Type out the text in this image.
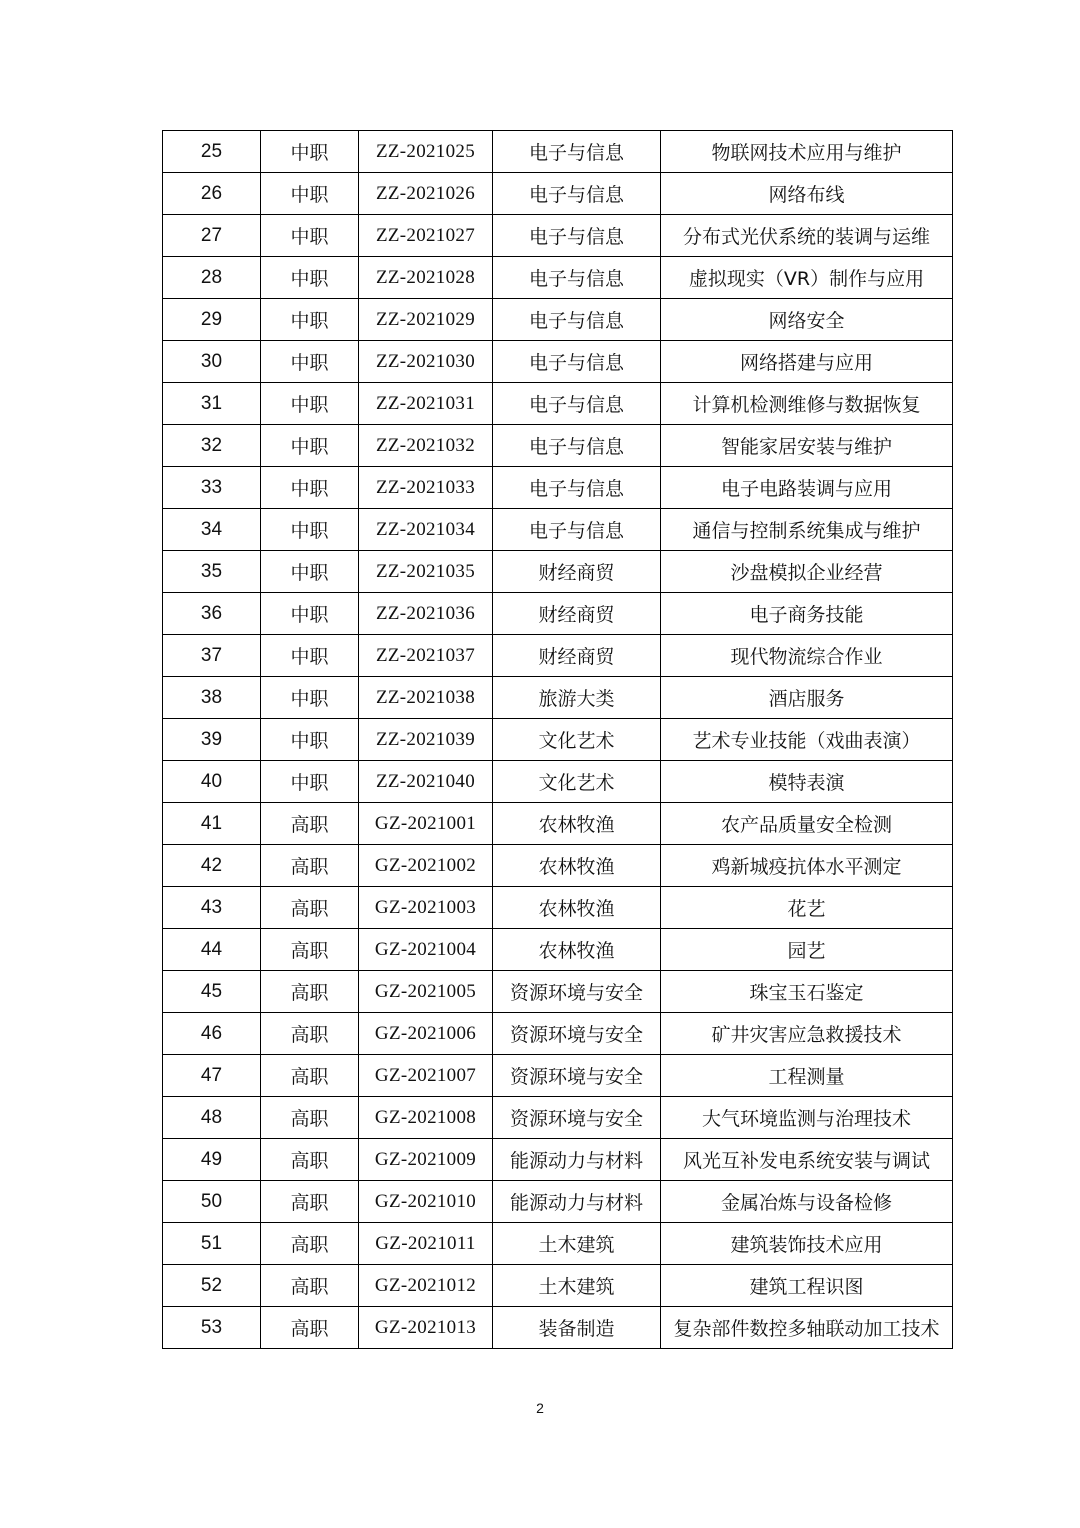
25	中职	ZZ-2021025	电子与信息	物联网技术应用与维护
26	中职	ZZ-2021026	电子与信息	网络布线
27	中职	ZZ-2021027	电子与信息	分布式光伏系统的装调与运维
28	中职	ZZ-2021028	电子与信息	虚拟现实（VR）制作与应用
29	中职	ZZ-2021029	电子与信息	网络安全
30	中职	ZZ-2021030	电子与信息	网络搭建与应用
31	中职	ZZ-2021031	电子与信息	计算机检测维修与数据恢复
32	中职	ZZ-2021032	电子与信息	智能家居安装与维护
33	中职	ZZ-2021033	电子与信息	电子电路装调与应用
34	中职	ZZ-2021034	电子与信息	通信与控制系统集成与维护
35	中职	ZZ-2021035	财经商贸	沙盘模拟企业经营
36	中职	ZZ-2021036	财经商贸	电子商务技能
37	中职	ZZ-2021037	财经商贸	现代物流综合作业
38	中职	ZZ-2021038	旅游大类	酒店服务
39	中职	ZZ-2021039	文化艺术	艺术专业技能（戏曲表演）
40	中职	ZZ-2021040	文化艺术	模特表演
41	高职	GZ-2021001	农林牧渔	农产品质量安全检测
42	高职	GZ-2021002	农林牧渔	鸡新城疫抗体水平测定
43	高职	GZ-2021003	农林牧渔	花艺
44	高职	GZ-2021004	农林牧渔	园艺
45	高职	GZ-2021005	资源环境与安全	珠宝玉石鉴定
46	高职	GZ-2021006	资源环境与安全	矿井灾害应急救援技术
47	高职	GZ-2021007	资源环境与安全	工程测量
48	高职	GZ-2021008	资源环境与安全	大气环境监测与治理技术
49	高职	GZ-2021009	能源动力与材料	风光互补发电系统安装与调试
50	高职	GZ-2021010	能源动力与材料	金属冶炼与设备检修
51	高职	GZ-2021011	土木建筑	建筑装饰技术应用
52	高职	GZ-2021012	土木建筑	建筑工程识图
53	高职	GZ-2021013	装备制造	复杂部件数控多轴联动加工技术
2
